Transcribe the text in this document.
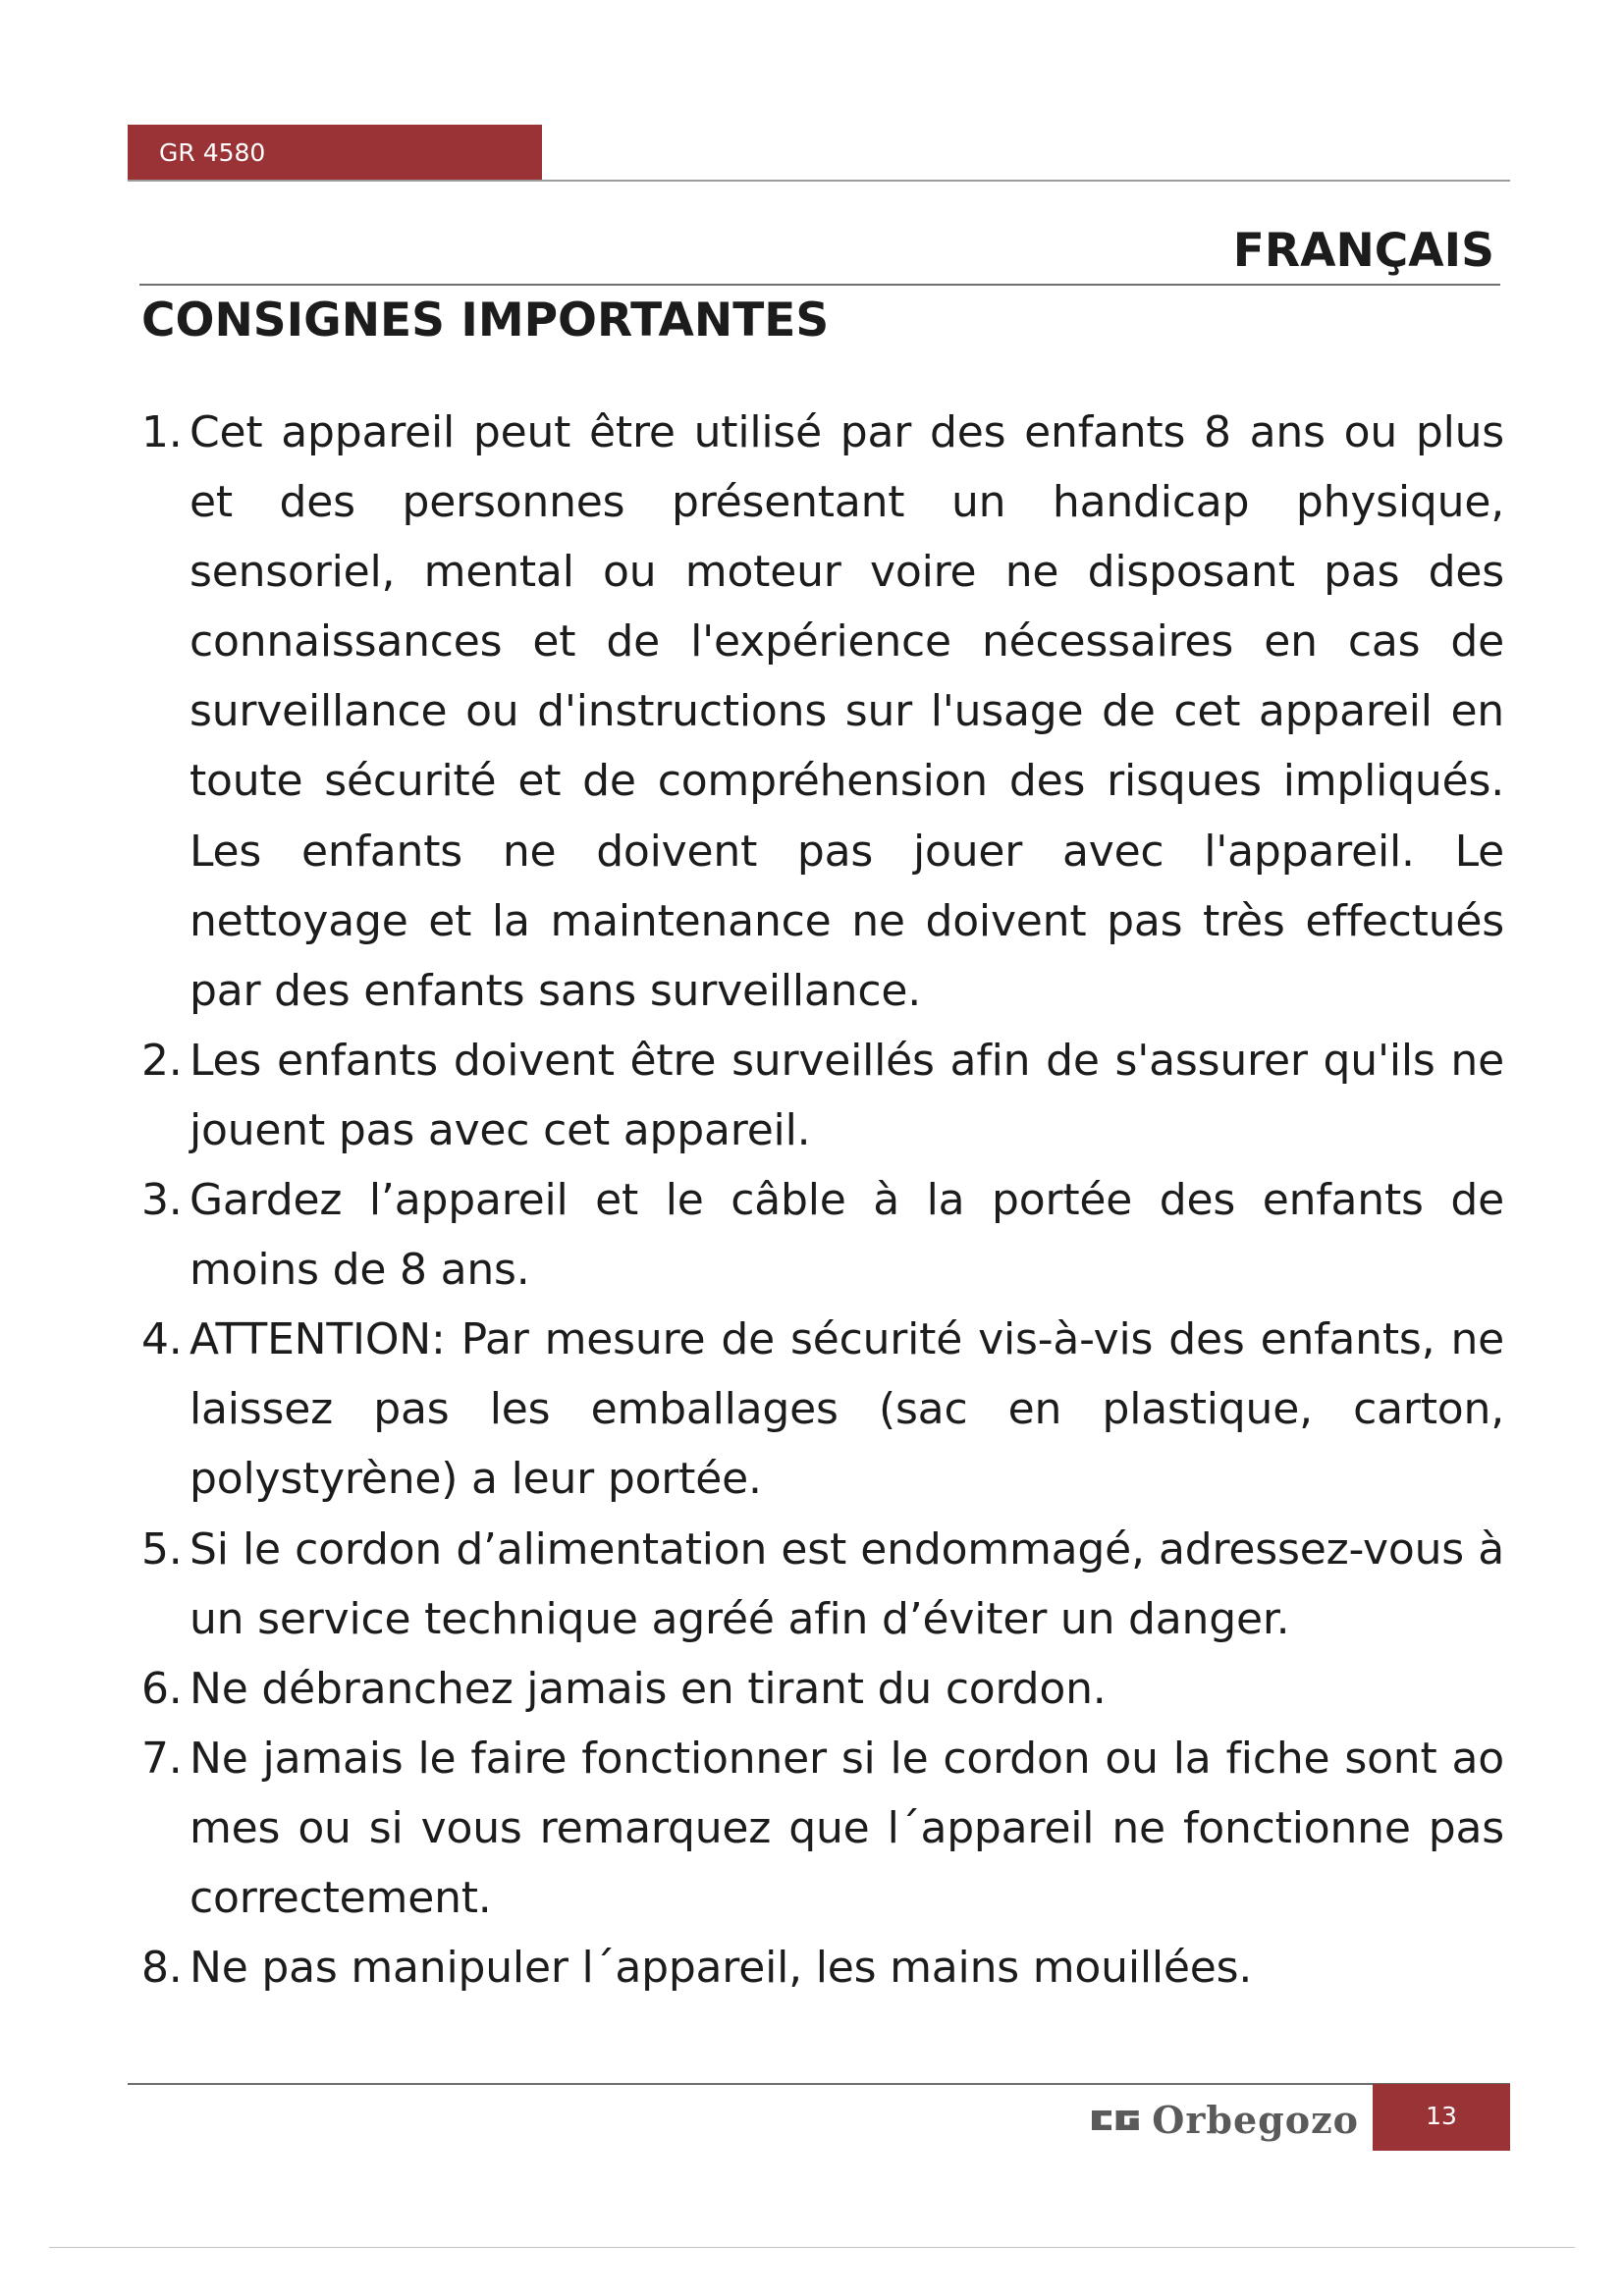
GR 4580
FRANÇAIS
CONSIGNES IMPORTANTES
1. Cet appareil peut être utilisé par des enfants 8 ans ou plus et des personnes présentant un handicap physique, sensoriel, mental ou moteur voire ne disposant pas des connaissances et de l'expérience nécessaires en cas de surveillance ou d'instructions sur l'usage de cet appareil en toute sécurité et de compréhension des risques impliqués. Les enfants ne doivent pas jouer avec l'appareil. Le nettoyage et la maintenance ne doivent pas très effectués par des enfants sans surveillance.
2. Les enfants doivent être surveillés afin de s'assurer qu'ils ne jouent pas avec cet appareil.
3. Gardez l’appareil et le câble à la portée des enfants de moins de 8 ans.
4. ATTENTION: Par mesure de sécurité vis-à-vis des enfants, ne laissez pas les emballages (sac en plastique, carton, polystyrène) a leur portée.
5. Si le cordon d’alimentation est endommagé, adressez-vous à un service technique agréé afin d’éviter un danger.
6. Ne débranchez jamais en tirant du cordon.
7. Ne jamais le faire fonctionner si le cordon ou la fiche sont ao mes ou si vous remarquez que l´appareil ne fonctionne pas correctement.
8. Ne pas manipuler l´appareil, les mains mouillées.
Orbegozo	13
